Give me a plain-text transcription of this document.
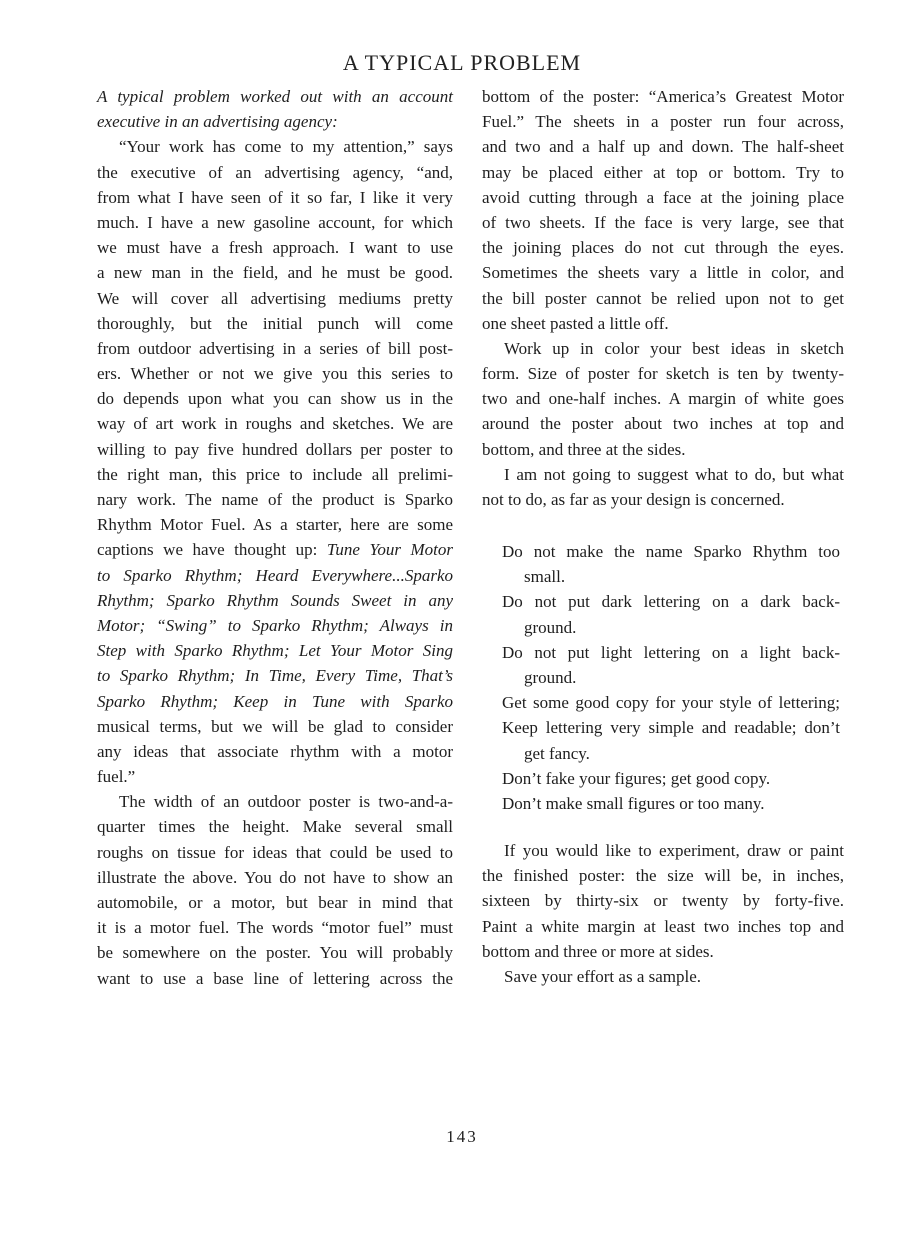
A TYPICAL PROBLEM
A typical problem worked out with an account
executive in an advertising agency:
“Your work has come to my attention,” says
the executive of an advertising agency, “and,
from what I have seen of it so far, I like it very
much. I have a new gasoline account, for which
we must have a fresh approach. I want to use
a new man in the field, and he must be good.
We will cover all advertising mediums pretty
thoroughly, but the initial punch will come
from outdoor advertising in a series of bill post-
ers. Whether or not we give you this series to
do depends upon what you can show us in the
way of art work in roughs and sketches. We are
willing to pay five hundred dollars per poster to
the right man, this price to include all prelimi-
nary work. The name of the product is Sparko
Rhythm Motor Fuel. As a starter, here are some
captions we have thought up: Tune Your Motor
to Sparko Rhythm; Heard Everywhere...Sparko
Rhythm; Sparko Rhythm Sounds Sweet in any
Motor; “Swing” to Sparko Rhythm; Always in
Step with Sparko Rhythm; Let Your Motor Sing
to Sparko Rhythm; In Time, Every Time, That’s
Sparko Rhythm; Keep in Tune with Sparko
musical terms, but we will be glad to consider
any ideas that associate rhythm with a motor
fuel.”
The width of an outdoor poster is two-and-a-
quarter times the height. Make several small
roughs on tissue for ideas that could be used to
illustrate the above. You do not have to show an
automobile, or a motor, but bear in mind that
it is a motor fuel. The words “motor fuel” must
be somewhere on the poster. You will probably
want to use a base line of lettering across the
bottom of the poster: “America’s Greatest Motor
Fuel.” The sheets in a poster run four across,
and two and a half up and down. The half-sheet
may be placed either at top or bottom. Try to
avoid cutting through a face at the joining place
of two sheets. If the face is very large, see that
the joining places do not cut through the eyes.
Sometimes the sheets vary a little in color, and
the bill poster cannot be relied upon not to get
one sheet pasted a little off.
Work up in color your best ideas in sketch
form. Size of poster for sketch is ten by twenty-
two and one-half inches. A margin of white goes
around the poster about two inches at top and
bottom, and three at the sides.
I am not going to suggest what to do, but what
not to do, as far as your design is concerned.
Do not make the name Sparko Rhythm too
small.
Do not put dark lettering on a dark back-
ground.
Do not put light lettering on a light back-
ground.
Get some good copy for your style of lettering;
Keep lettering very simple and readable; don’t
get fancy.
Don’t fake your figures; get good copy.
Don’t make small figures or too many.
If you would like to experiment, draw or paint
the finished poster: the size will be, in inches,
sixteen by thirty-six or twenty by forty-five.
Paint a white margin at least two inches top and
bottom and three or more at sides.
Save your effort as a sample.
143
